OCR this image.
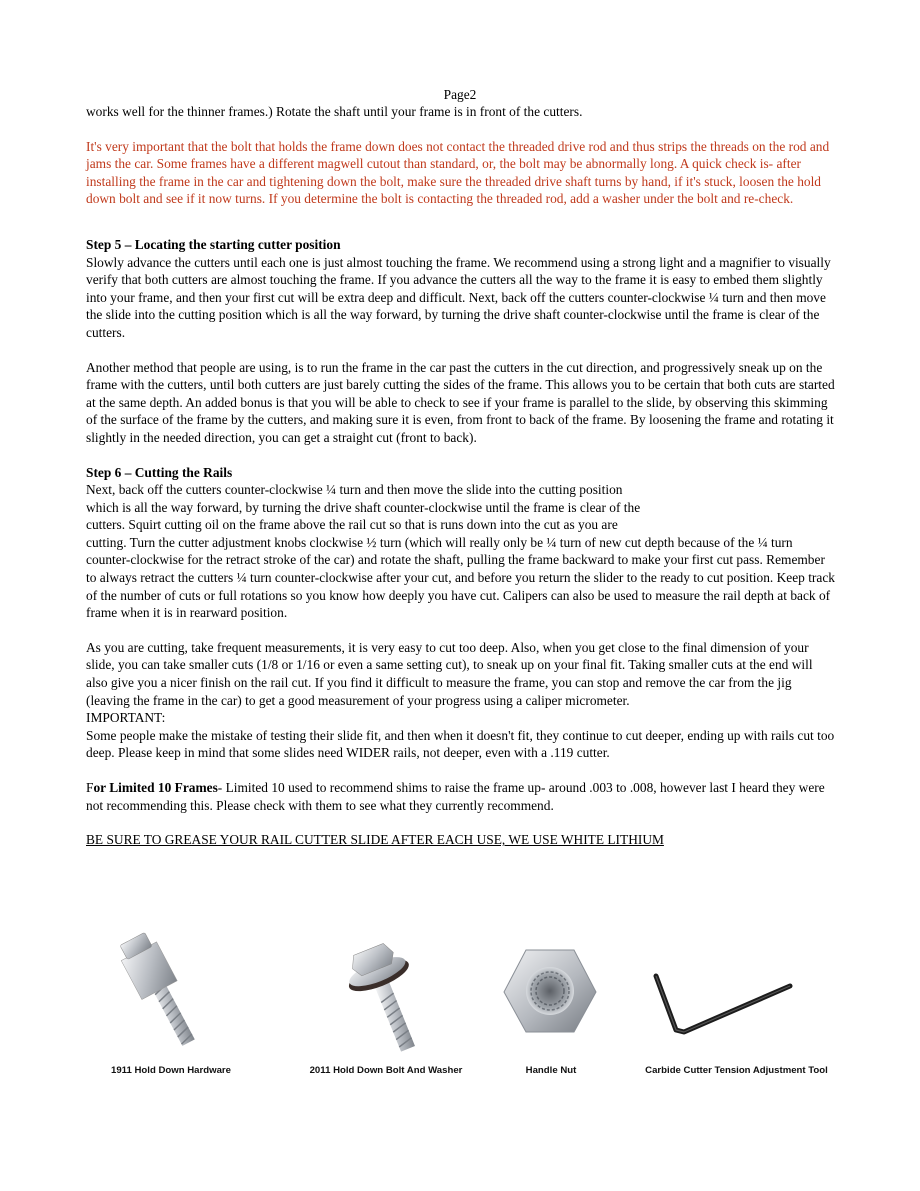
Page2

works well for the thinner frames.) Rotate the shaft until your frame is in front of the cutters.

It's very important that the bolt that holds the frame down does not contact the threaded drive rod and thus strips the threads on the rod and jams the car. Some frames have a different magwell cutout than standard, or, the bolt may be abnormally long. A quick check is- after installing the frame in the car and tightening down the bolt, make sure the threaded drive shaft turns by hand, if it's stuck, loosen the hold down bolt and see if it now turns. If you determine the bolt is contacting the threaded rod, add a washer under the bolt and re-check.

Step 5 – Locating the starting cutter position

Slowly advance the cutters until each one is just almost touching the frame. We recommend using a strong light and a magnifier to visually verify that both cutters are almost touching the frame. If you advance the cutters all the way to the frame it is easy to embed them slightly into your frame, and then your first cut will be extra deep and difficult. Next, back off the cutters counter-clockwise ¼ turn and then move the slide into the cutting position which is all the way forward, by turning the drive shaft counter-clockwise until the frame is clear of the cutters.

Another method that people are using, is to run the frame in the car past the cutters in the cut direction, and progressively sneak up on the frame with the cutters, until both cutters are just barely cutting the sides of the frame. This allows you to be certain that both cuts are started at the same depth. An added bonus is that you will be able to check to see if your frame is parallel to the slide, by observing this skimming of the surface of the frame by the cutters, and making sure it is even, from front to back of the frame. By loosening the frame and rotating it slightly in the needed direction, you can get a straight cut (front to back).

Step 6 – Cutting the Rails

Next, back off the cutters counter-clockwise ¼ turn and then move the slide into the cutting position

which is all the way forward, by turning the drive shaft counter-clockwise until the frame is clear of the

cutters. Squirt cutting oil on the frame above the rail cut so that is runs down into the cut as you are

cutting. Turn the cutter adjustment knobs clockwise ½ turn (which will really only be ¼ turn of new cut depth because of the ¼ turn counter-clockwise for the retract stroke of the car) and rotate the shaft, pulling the frame backward to make your first cut pass. Remember to always retract the cutters ¼ turn counter-clockwise after your cut, and before you return the slider to the ready to cut position. Keep track of the number of cuts or full rotations so you know how deeply you have cut. Calipers can also be used to measure the rail depth at back of frame when it is in rearward position.

As you are cutting, take frequent measurements, it is very easy to cut too deep. Also, when you get close to the final dimension of your slide, you can take smaller cuts (1/8 or 1/16 or even a same setting cut), to sneak up on your final fit. Taking smaller cuts at the end will also give you a nicer finish on the rail cut. If you find it difficult to measure the frame, you can stop and remove the car from the jig (leaving the frame in the car) to get a good measurement of your progress using a caliper micrometer.

IMPORTANT:

Some people make the mistake of testing their slide fit, and then when it doesn't fit, they continue to cut deeper, ending up with rails cut too deep. Please keep in mind that some slides need WIDER rails, not deeper, even with a .119 cutter.

For Limited 10 Frames- Limited 10 used to recommend shims to raise the frame up- around .003 to .008, however last I heard they were not recommending this. Please check with them to see what they currently recommend.

BE SURE TO GREASE YOUR RAIL CUTTER SLIDE AFTER EACH USE, WE USE WHITE LITHIUM

1911 Hold Down Hardware	2011 Hold Down Bolt And Washer	Handle Nut	Carbide Cutter Tension Adjustment Tool
